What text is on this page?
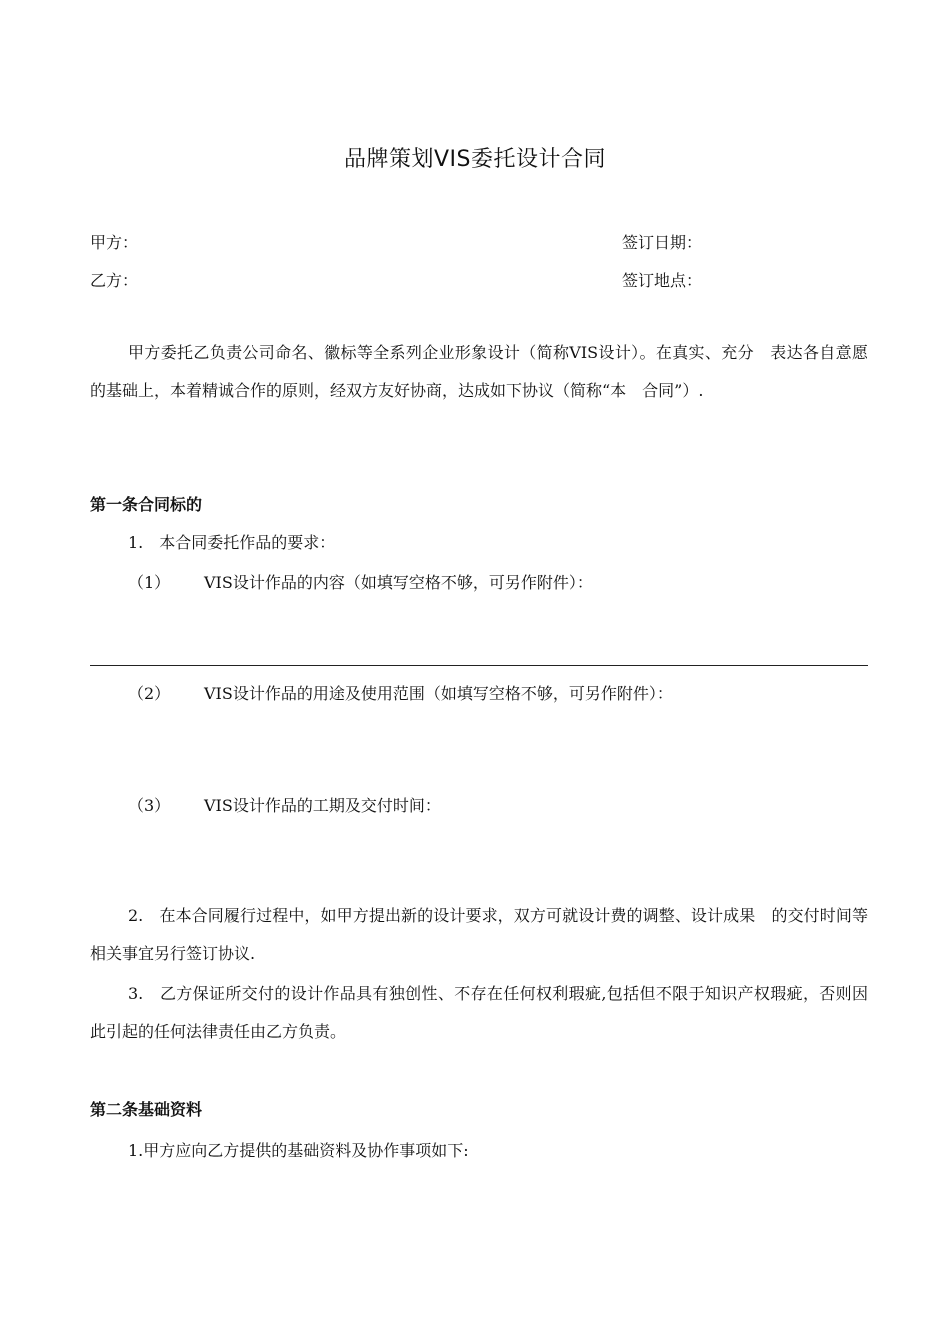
品牌策划VIS委托设计合同
甲方：	签订日期：
乙方：	签订地点：
甲方委托乙负责公司命名、徽标等全系列企业形象设计（简称VIS设计）。在真实、充分　表达各自意愿的基础上，本着精诚合作的原则，经双方友好协商，达成如下协议（简称“本　合同”）.
第一条合同标的
1.　本合同委托作品的要求：
（1） VIS设计作品的内容（如填写空格不够，可另作附件）：
（2） VIS设计作品的用途及使用范围（如填写空格不够，可另作附件）：
（3） VIS设计作品的工期及交付时间：
2.　在本合同履行过程中，如甲方提出新的设计要求，双方可就设计费的调整、设计成果　的交付时间等相关事宜另行签订协议.
3.　乙方保证所交付的设计作品具有独创性、不存在任何权利瑕疵,包括但不限于知识产权瑕疵，否则因此引起的任何法律责任由乙方负责。
第二条基础资料
1.甲方应向乙方提供的基础资料及协作事项如下:
